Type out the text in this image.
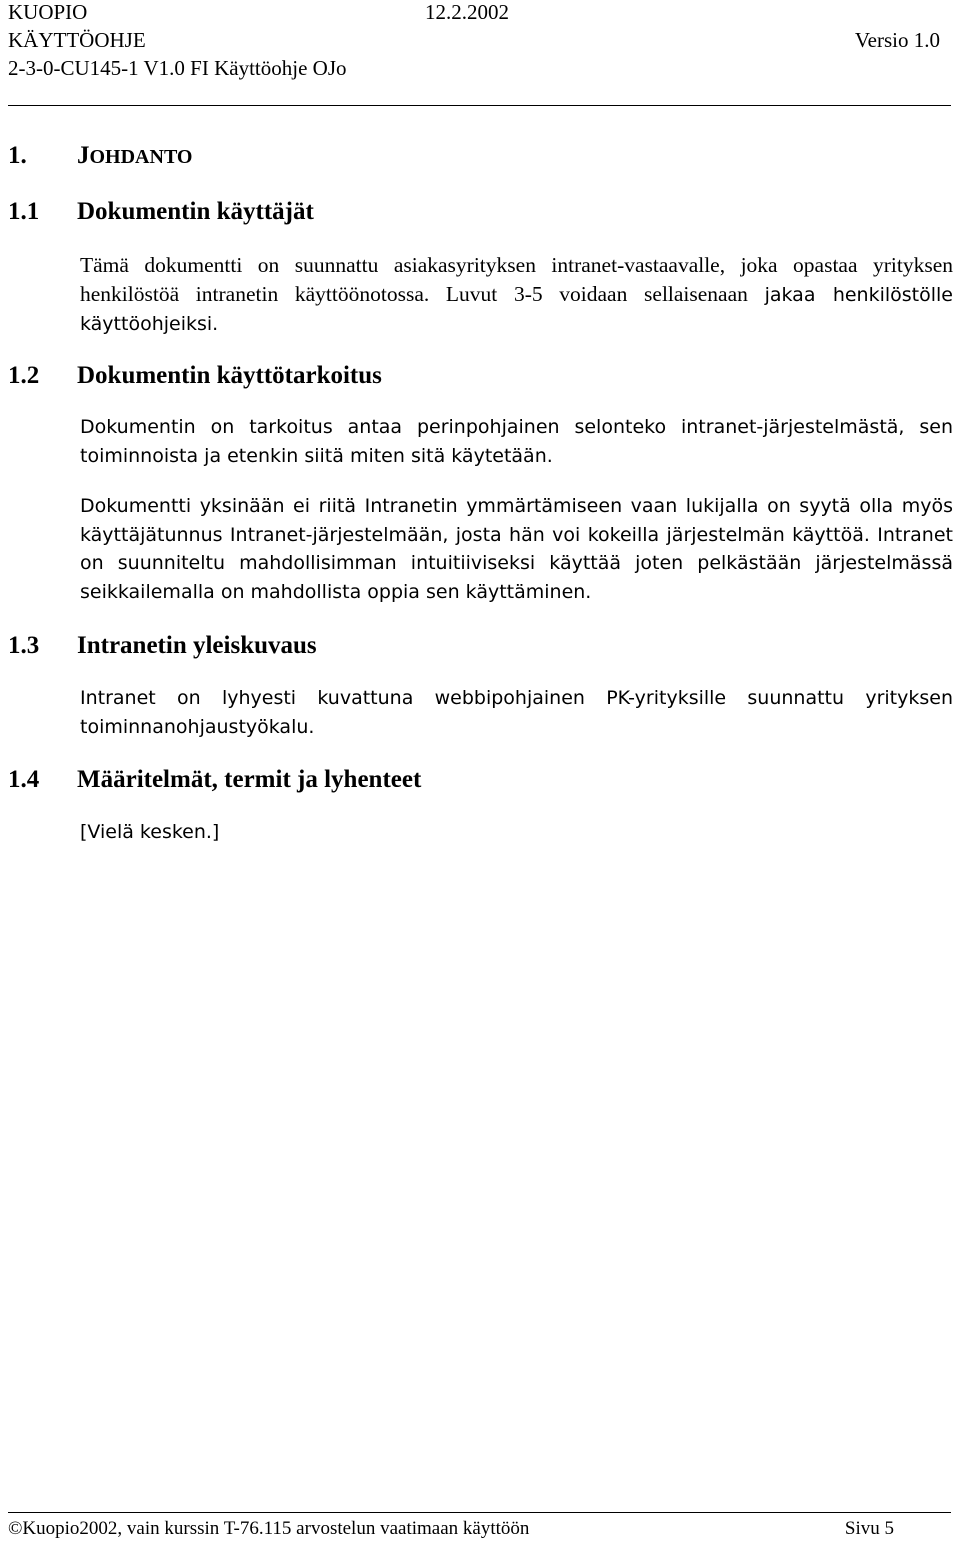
KUOPIO	12.2.2002
KÄYTTÖOHJE	Versio 1.0
2-3-0-CU145-1 V1.0 FI Käyttöohje OJo
1. JOHDANTO
1.1 Dokumentin käyttäjät
Tämä dokumentti on suunnattu asiakasyrityksen intranet-vastaavalle, joka opastaa yrityksen henkilöstöä intranetin käyttöönotossa. Luvut 3-5 voidaan sellaisenaan jakaa henkilöstölle käyttöohjeiksi.
1.2 Dokumentin käyttötarkoitus
Dokumentin on tarkoitus antaa perinpohjainen selonteko intranet-järjestelmästä, sen toiminnoista ja etenkin siitä miten sitä käytetään.
Dokumentti yksinään ei riitä Intranetin ymmärtämiseen vaan lukijalla on syytä olla myös käyttäjätunnus Intranet-järjestelmään, josta hän voi kokeilla järjestelmän käyttöä. Intranet on suunniteltu mahdollisimman intuitiiviseksi käyttää joten pelkästään järjestelmässä seikkailemalla on mahdollista oppia sen käyttäminen.
1.3 Intranetin yleiskuvaus
Intranet on lyhyesti kuvattuna webbipohjainen PK-yrityksille suunnattu yrityksen toiminnanohjaustyökalu.
1.4 Määritelmät, termit ja lyhenteet
[Vielä kesken.]
©Kuopio2002, vain kurssin T-76.115 arvostelun vaatimaan käyttöön	Sivu 5
